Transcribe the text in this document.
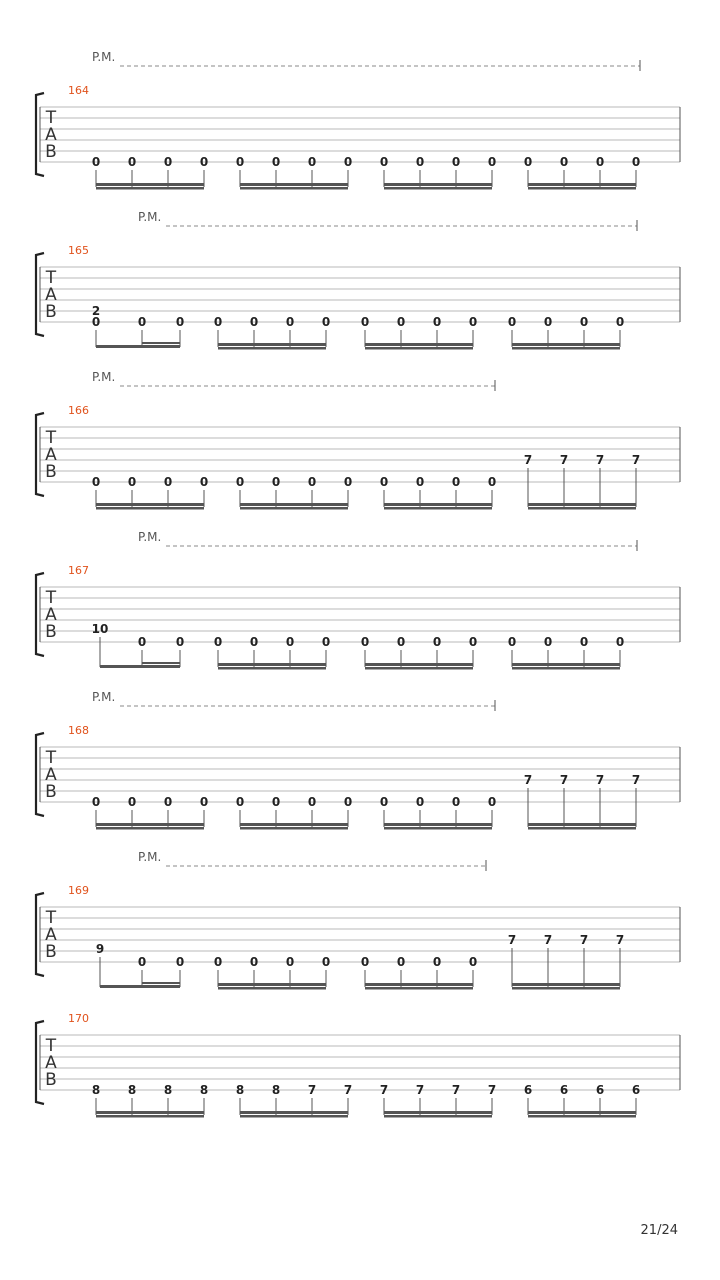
T
A
B
164
P.M.
0 0 0 0 0 0 0 0 0 0 0 0 0 0 0 0
T
A
B
165
P.M.
0	0 0
2
0 0 0 0	0 0 0 0	0 0 0 0
T
A
B
166
P.M.
0 0 0 0 0 0 0 0 0 0 0 0
7 7 7 7
T
A
B
167
P.M.
10
0 0 0 0 0 0	0 0 0 0	0 0 0 0
T
A
B
168
P.M.
0 0 0 0 0 0 0 0 0 0 0 0
7 7 7 7
T
A
B
169
P.M.
9
0 0 0 0 0 0	0 0 0 0
7 7 7 7
T
A
B
170
8 8 8 8 8 8 7 7 7 7 7 7 6 6 6 6
21/24
